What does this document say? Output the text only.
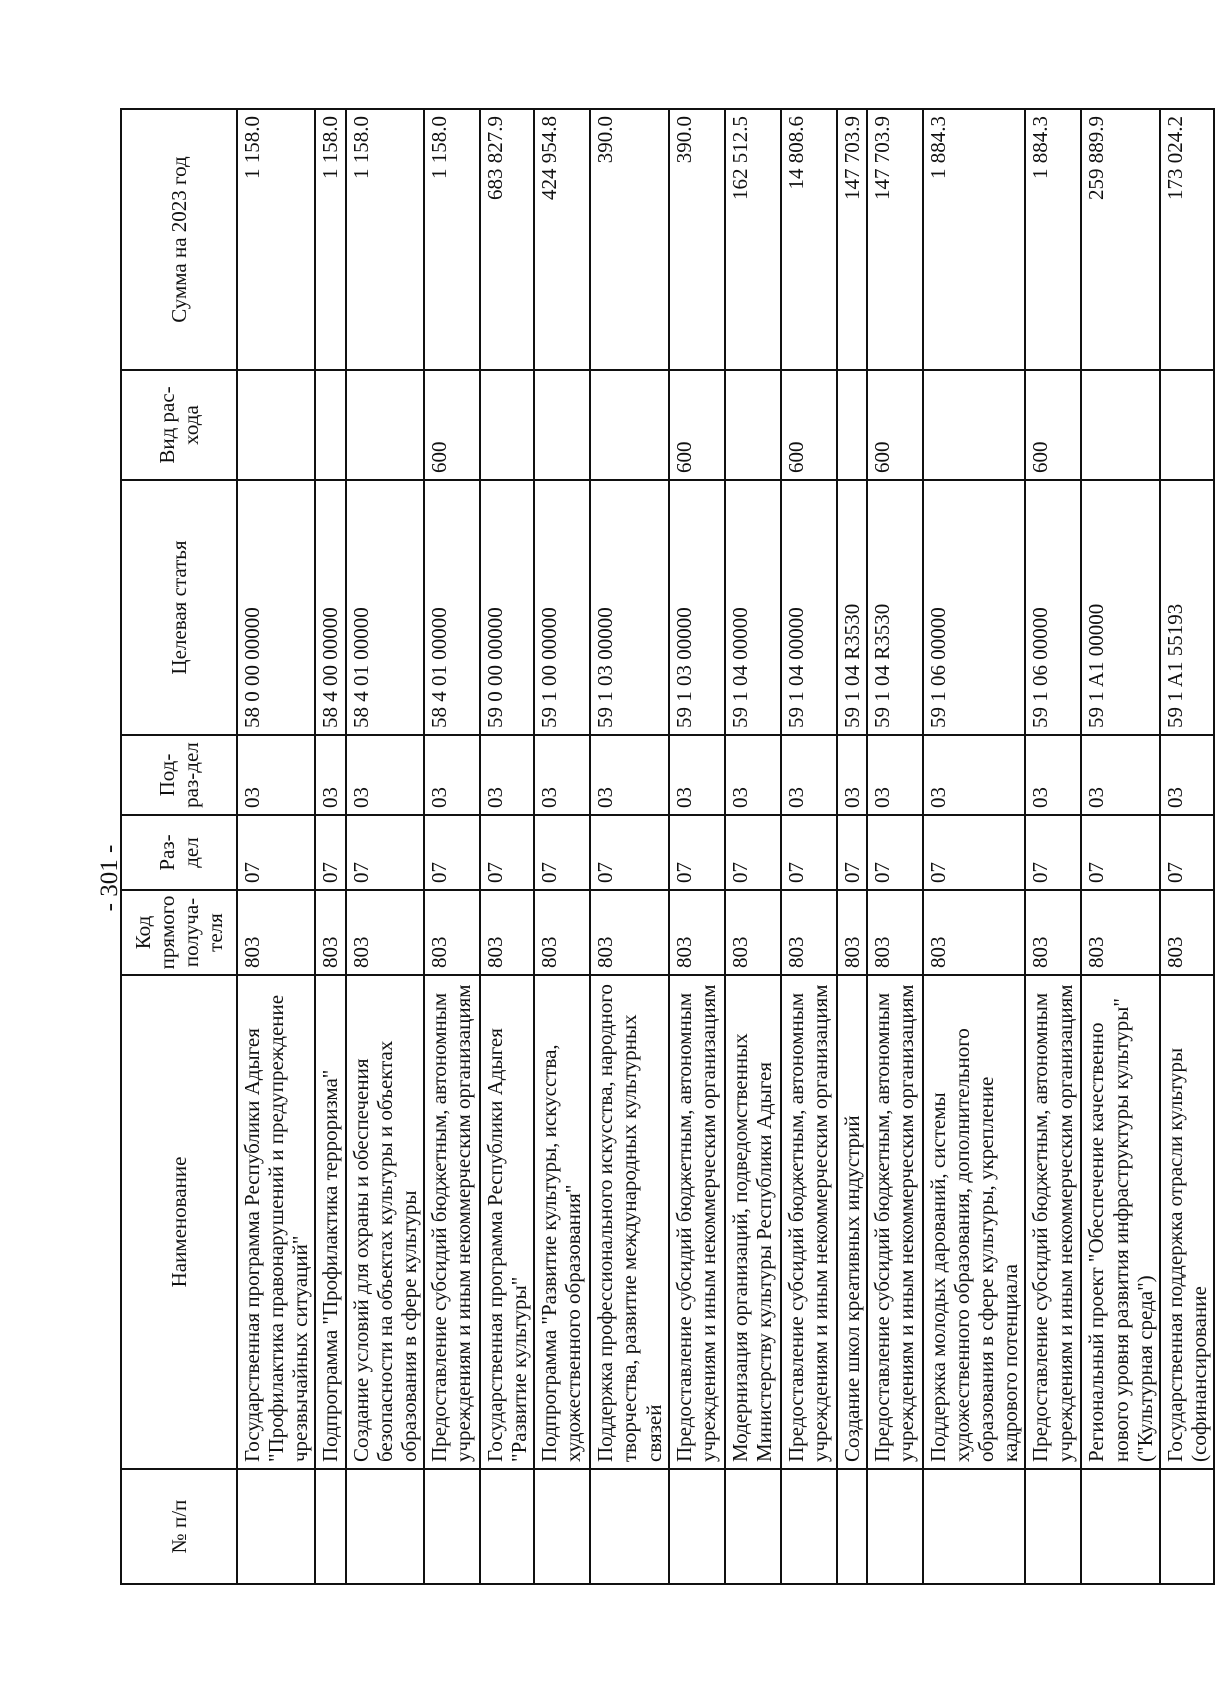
- 301 -
№ п/п	Наименование	Код прямого получа-теля	Раз-дел	Под-раз-дел	Целевая статья	Вид рас-хода	Сумма на 2023 год
	Государственная программа Республики Адыгея "Профилактика правонарушений и предупреждение чрезвычайных ситуаций"	803	07	03	58 0 00 00000		1 158.0
	Подпрограмма "Профилактика терроризма"	803	07	03	58 4 00 00000		1 158.0
	Создание условий для охраны и обеспечения безопасности на объектах культуры и объектах образования в сфере культуры	803	07	03	58 4 01 00000		1 158.0
	Предоставление субсидий бюджетным, автономным учреждениям и иным некоммерческим организациям	803	07	03	58 4 01 00000	600	1 158.0
	Государственная программа Республики Адыгея "Развитие культуры"	803	07	03	59 0 00 00000		683 827.9
	Подпрограмма "Развитие культуры, искусства, художественного образования"	803	07	03	59 1 00 00000		424 954.8
	Поддержка профессионального искусства, народного творчества, развитие международных культурных связей	803	07	03	59 1 03 00000		390.0
	Предоставление субсидий бюджетным, автономным учреждениям и иным некоммерческим организациям	803	07	03	59 1 03 00000	600	390.0
	Модернизация организаций, подведомственных Министерству культуры Республики Адыгея	803	07	03	59 1 04 00000		162 512.5
	Предоставление субсидий бюджетным, автономным учреждениям и иным некоммерческим организациям	803	07	03	59 1 04 00000	600	14 808.6
	Создание школ креативных индустрий	803	07	03	59 1 04 R3530		147 703.9
	Предоставление субсидий бюджетным, автономным учреждениям и иным некоммерческим организациям	803	07	03	59 1 04 R3530	600	147 703.9
	Поддержка молодых дарований, системы художественного образования, дополнительного образования в сфере культуры, укрепление кадрового потенциала	803	07	03	59 1 06 00000		1 884.3
	Предоставление субсидий бюджетным, автономным учреждениям и иным некоммерческим организациям	803	07	03	59 1 06 00000	600	1 884.3
	Региональный проект "Обеспечение качественно нового уровня развития инфраструктуры культуры" ("Культурная среда")	803	07	03	59 1 A1 00000		259 889.9
	Государственная поддержка отрасли культуры (софинансирование	803	07	03	59 1 A1 55193		173 024.2
